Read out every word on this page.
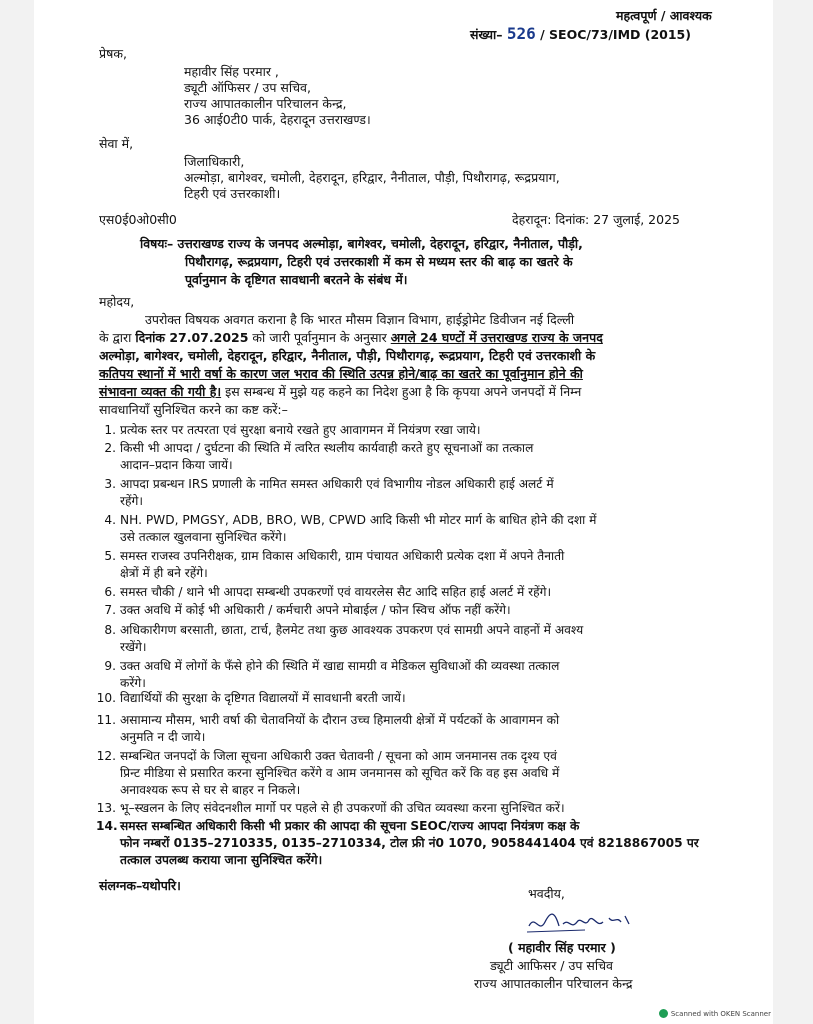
महत्वपूर्ण / आवश्यक
संख्या– 526 / SEOC/73/IMD (2015)
प्रेषक,
महावीर सिंह परमार ,
ड्यूटी ऑफिसर / उप सचिव,
राज्य आपातकालीन परिचालन केन्द्र,
36 आई0टी0 पार्क, देहरादून उत्तराखण्ड।
सेवा में,
जिलाधिकारी,
अल्मोड़ा, बागेश्वर, चमोली, देहरादून, हरिद्वार, नैनीताल, पौड़ी, पिथौरागढ़, रूद्रप्रयाग,
टिहरी एवं उत्तरकाशी।
एस0ई0ओ0सी0	देहरादून: दिनांक: 27 जुलाई, 2025
विषयः– उत्तराखण्ड राज्य के जनपद अल्मोड़ा, बागेश्वर, चमोली, देहरादून, हरिद्वार, नैनीताल, पौड़ी,
पिथौरागढ़, रूद्रप्रयाग, टिहरी एवं उत्तरकाशी में कम से मध्यम स्तर की बाढ़ का खतरे के
पूर्वानुमान के दृष्टिगत सावधानी बरतने के संबंध में।
महोदय,
उपरोक्त विषयक अवगत कराना है कि भारत मौसम विज्ञान विभाग, हाईड्रोमेट डिवीजन नई दिल्ली
के द्वारा दिनांक 27.07.2025 को जारी पूर्वानुमान के अनुसार अगले 24 घण्टों में उत्तराखण्ड राज्य के जनपद
अल्मोड़ा, बागेश्वर, चमोली, देहरादून, हरिद्वार, नैनीताल, पौड़ी, पिथौरागढ़, रूद्रप्रयाग, टिहरी एवं उत्तरकाशी के
कतिपय स्थानों में भारी वर्षा के कारण जल भराव की स्थिति उत्पन्न होने/बाढ़ का खतरे का पूर्वानुमान होने की
संभावना व्यक्त की गयी है। इस सम्बन्ध में मुझे यह कहने का निदेश हुआ है कि कृपया अपने जनपदों में निम्न
सावधानियाँ सुनिश्चित करने का कष्ट करें:–
1. प्रत्येक स्तर पर तत्परता एवं सुरक्षा बनाये रखते हुए आवागमन में नियंत्रण रखा जाये।
2. किसी भी आपदा / दुर्घटना की स्थिति में त्वरित स्थलीय कार्यवाही करते हुए सूचनाओं का तत्काल
आदान–प्रदान किया जायें।
3. आपदा प्रबन्धन IRS प्रणाली के नामित समस्त अधिकारी एवं विभागीय नोडल अधिकारी हाई अलर्ट में
रहेंगे।
4. NH. PWD, PMGSY, ADB, BRO, WB, CPWD आदि किसी भी मोटर मार्ग के बाधित होने की दशा में
उसे तत्काल खुलवाना सुनिश्चित करेंगे।
5. समस्त राजस्व उपनिरीक्षक, ग्राम विकास अधिकारी, ग्राम पंचायत अधिकारी प्रत्येक दशा में अपने तैनाती
क्षेत्रों में ही बने रहेंगे।
6. समस्त चौकी / थाने भी आपदा सम्बन्धी उपकरणों एवं वायरलेस सैट आदि सहित हाई अलर्ट में रहेंगे।
7. उक्त अवधि में कोई भी अधिकारी / कर्मचारी अपने मोबाईल / फोन स्विच ऑफ नहीं करेंगे।
8. अधिकारीगण बरसाती, छाता, टार्च, हैलमेट तथा कुछ आवश्यक उपकरण एवं सामग्री अपने वाहनों में अवश्य
रखेंगे।
9. उक्त अवधि में लोगों के फँसे होने की स्थिति में खाद्य सामग्री व मेडिकल सुविधाओं की व्यवस्था तत्काल
करेंगे।
10. विद्यार्थियों की सुरक्षा के दृष्टिगत विद्यालयों में सावधानी बरती जायें।
11. असामान्य मौसम, भारी वर्षा की चेतावनियों के दौरान उच्च हिमालयी क्षेत्रों में पर्यटकों के आवागमन को
अनुमति न दी जाये।
12. सम्बन्धित जनपदों के जिला सूचना अधिकारी उक्त चेतावनी / सूचना को आम जनमानस तक दृश्य एवं
प्रिन्ट मीडिया से प्रसारित करना सुनिश्चित करेंगे व आम जनमानस को सूचित करें कि वह इस अवधि में
अनावश्यक रूप से घर से बाहर न निकले।
13. भू–स्खलन के लिए संवेदनशील मार्गो पर पहले से ही उपकरणों की उचित व्यवस्था करना सुनिश्चित करें।
14. समस्त सम्बन्धित अधिकारी किसी भी प्रकार की आपदा की सूचना SEOC/राज्य आपदा नियंत्रण कक्ष के
फोन नम्बरों 0135–2710335, 0135–2710334, टोल फ्री नं0 1070, 9058441404 एवं 8218867005 पर
तत्काल उपलब्ध कराया जाना सुनिश्चित करेंगे।
संलग्नक–यथोपरि।
भवदीय,
( महावीर सिंह परमार )
ड्यूटी आफिसर / उप सचिव
राज्य आपातकालीन परिचालन केन्द्र
Scanned with OKEN Scanner
